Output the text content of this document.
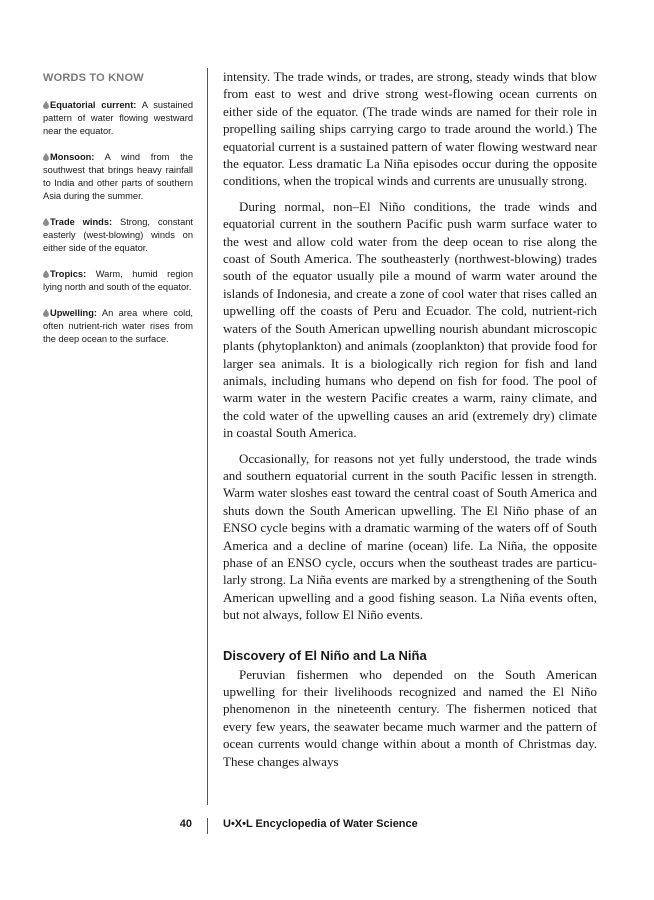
WORDS TO KNOW
Equatorial current: A sustained pattern of water flowing westward near the equator.
Monsoon: A wind from the southwest that brings heavy rainfall to India and other parts of southern Asia during the summer.
Trade winds: Strong, constant easterly (west-blowing) winds on either side of the equator.
Tropics: Warm, humid region lying north and south of the equator.
Upwelling: An area where cold, often nutrient-rich water rises from the deep ocean to the surface.

intensity. The trade winds, or trades, are strong, steady winds that blow from east to west and drive strong west-flowing ocean currents on either side of the equator. (The trade winds are named for their role in propelling sailing ships carrying cargo to trade around the world.) The equatorial current is a sustained pattern of water flowing westward near the equator. Less dramatic La Niña episodes occur during the opposite conditions, when the tropical winds and currents are unusually strong.

During normal, non–El Niño conditions, the trade winds and equatorial current in the southern Pacific push warm surface water to the west and allow cold water from the deep ocean to rise along the coast of South America. The southeasterly (northwest-blowing) trades south of the equator usually pile a mound of warm water around the islands of Indonesia, and create a zone of cool water that rises called an upwelling off the coasts of Peru and Ecuador. The cold, nutrient-rich waters of the South American upwelling nourish abundant microscopic plants (phytoplankton) and animals (zooplankton) that provide food for larger sea animals. It is a biologically rich region for fish and land animals, including humans who depend on fish for food. The pool of warm water in the western Pacific creates a warm, rainy climate, and the cold water of the upwelling causes an arid (extremely dry) climate in coastal South America.

Occasionally, for reasons not yet fully understood, the trade winds and southern equatorial current in the south Pacific lessen in strength. Warm water sloshes east toward the central coast of South America and shuts down the South American upwelling. The El Niño phase of an ENSO cycle begins with a dramatic warming of the waters off of South America and a decline of marine (ocean) life. La Niña, the opposite phase of an ENSO cycle, occurs when the southeast trades are particularly strong. La Niña events are marked by a strengthening of the South American upwelling and a good fishing season. La Niña events often, but not always, follow El Niño events.

Discovery of El Niño and La Niña

Peruvian fishermen who depended on the South American upwelling for their livelihoods recognized and named the El Niño phenomenon in the nineteenth century. The fishermen noticed that every few years, the seawater became much warmer and the pattern of ocean currents would change within about a month of Christmas day. These changes always

40	U•X•L Encyclopedia of Water Science
